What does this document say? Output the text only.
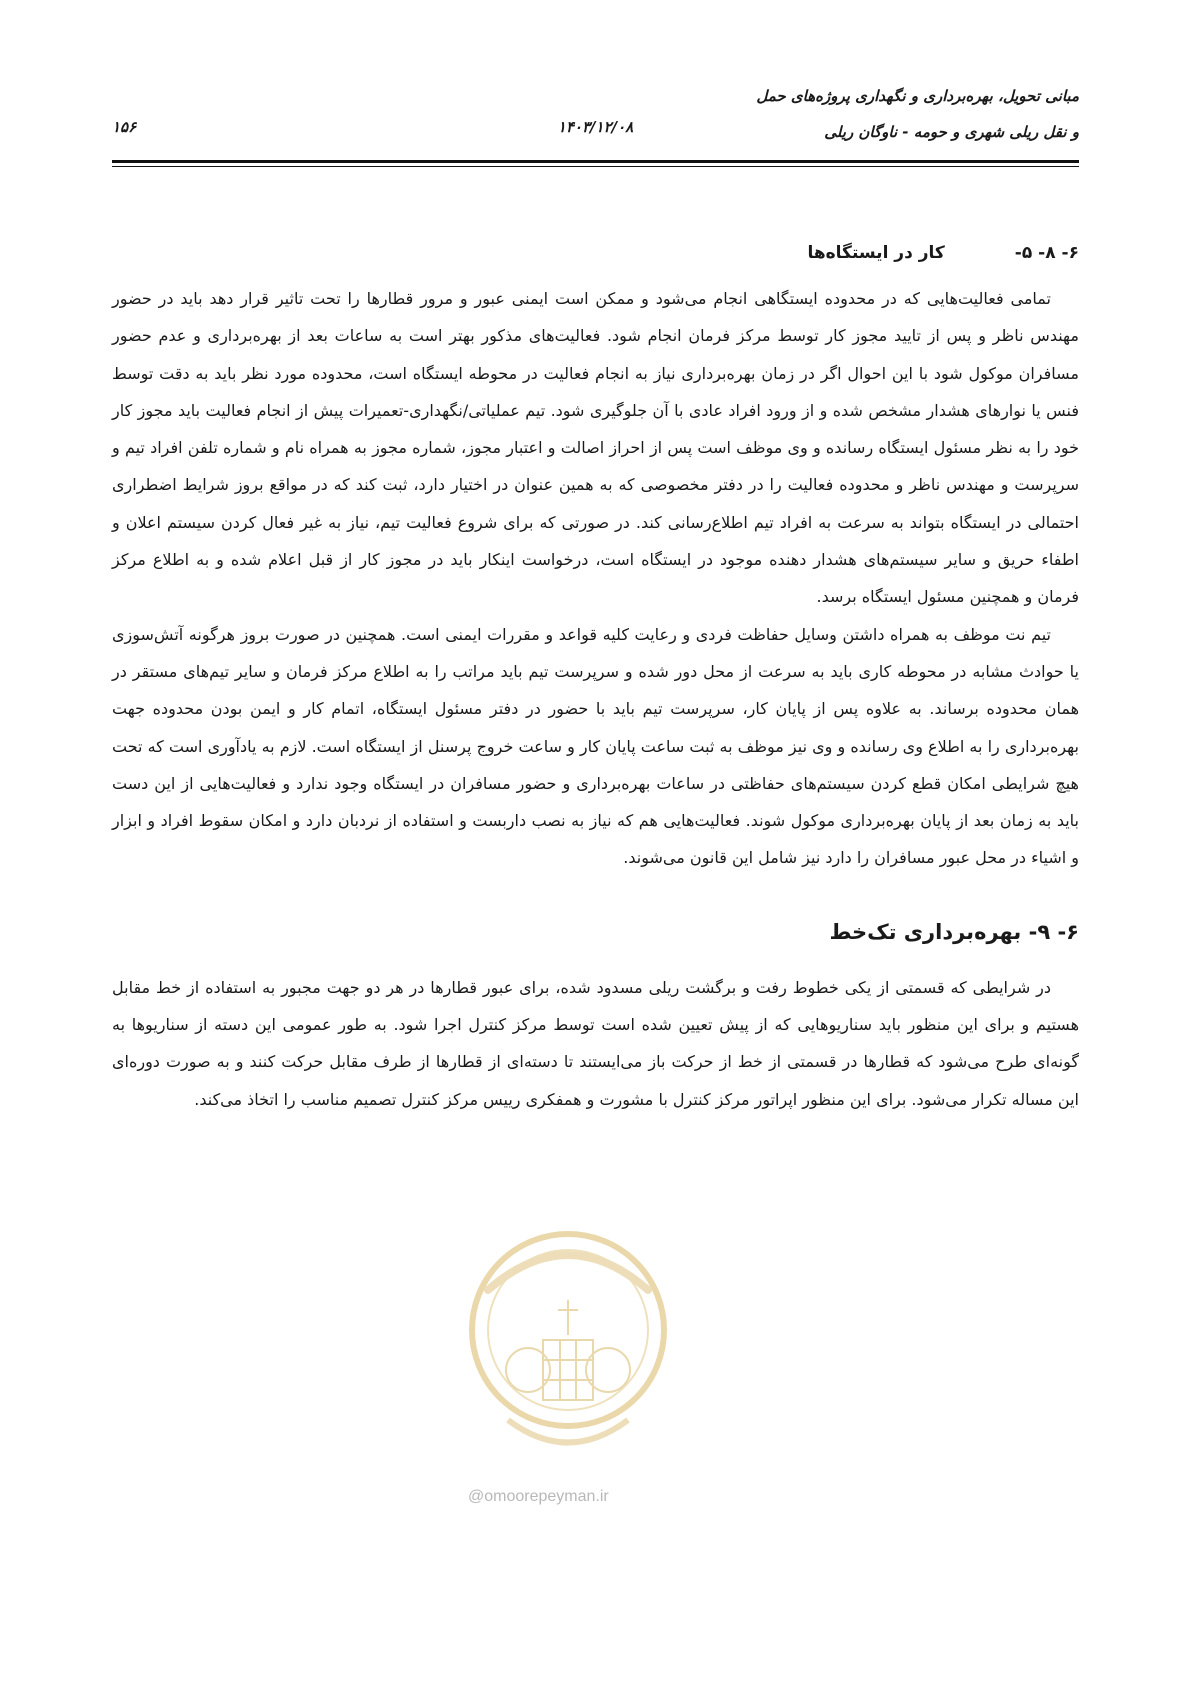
مبانی تحویل، بهره‌برداری و نگهداری پروژه‌های حمل
و نقل ریلی شهری و حومه - ناوگان ریلی
۱۴۰۳/۱۲/۰۸
۱۵۶
۶- ۸- ۵-
کار در ایستگاه‌ها

تمامی فعالیت‌هایی که در محدوده ایستگاهی انجام می‌شود و ممکن است ایمنی عبور و مرور قطارها را تحت تاثیر قرار دهد باید در حضور مهندس ناظر و پس از تایید مجوز کار توسط مرکز فرمان انجام شود. فعالیت‌های مذکور بهتر است به ساعات بعد از بهره‌برداری و عدم حضور مسافران موکول شود با این احوال اگر در زمان بهره‌برداری نیاز به انجام فعالیت در محوطه ایستگاه است، محدوده مورد نظر باید به دقت توسط فنس یا نوارهای هشدار مشخص شده و از ورود افراد عادی با آن جلوگیری شود. تیم عملیاتی/نگهداری-تعمیرات پیش از انجام فعالیت باید مجوز کار خود را به نظر مسئول ایستگاه رسانده و وی موظف است پس از احراز اصالت و اعتبار مجوز، شماره مجوز به همراه نام و شماره تلفن افراد تیم و سرپرست و مهندس ناظر و محدوده فعالیت را در دفتر مخصوصی که به همین عنوان در اختیار دارد، ثبت کند که در مواقع بروز شرایط اضطراری احتمالی در ایستگاه بتواند به سرعت به افراد تیم اطلاع‌رسانی کند. در صورتی که برای شروع فعالیت تیم، نیاز به غیر فعال کردن سیستم اعلان و اطفاء حریق و سایر سیستم‌های هشدار دهنده موجود در ایستگاه است، درخواست اینکار باید در مجوز کار از قبل اعلام شده و به اطلاع مرکز فرمان و همچنین مسئول ایستگاه برسد.

تیم نت موظف به همراه داشتن وسایل حفاظت فردی و رعایت کلیه قواعد و مقررات ایمنی است. همچنین در صورت بروز هرگونه آتش‌سوزی یا حوادث مشابه در محوطه کاری باید به سرعت از محل دور شده و سرپرست تیم باید مراتب را به اطلاع مرکز فرمان و سایر تیم‌های مستقر در همان محدوده برساند. به علاوه پس از پایان کار، سرپرست تیم باید با حضور در دفتر مسئول ایستگاه، اتمام کار و ایمن بودن محدوده جهت بهره‌برداری را به اطلاع وی رسانده و وی نیز موظف به ثبت ساعت پایان کار و ساعت خروج پرسنل از ایستگاه است. لازم به یادآوری است که تحت هیچ شرایطی امکان قطع کردن سیستم‌های حفاظتی در ساعات بهره‌برداری و حضور مسافران در ایستگاه وجود ندارد و فعالیت‌هایی از این دست باید به زمان بعد از پایان بهره‌برداری موکول شوند. فعالیت‌هایی هم که نیاز به نصب داربست و استفاده از نردبان دارد و امکان سقوط افراد و ابزار و اشیاء در محل عبور مسافران را دارد نیز شامل این قانون می‌شوند.

۶- ۹- بهره‌برداری تک‌خط

در شرایطی که قسمتی از یکی خطوط رفت و برگشت ریلی مسدود شده، برای عبور قطارها در هر دو جهت مجبور به استفاده از خط مقابل هستیم و برای این منظور باید سناریوهایی که از پیش تعیین شده است توسط مرکز کنترل اجرا شود. به طور عمومی این دسته از سناریوها به گونه‌ای طرح می‌شود که قطارها در قسمتی از خط از حرکت باز می‌ایستند تا دسته‌ای از قطارها از طرف مقابل حرکت کنند و به صورت دوره‌ای این مساله تکرار می‌شود. برای این منظور اپراتور مرکز کنترل با مشورت و همفکری رییس مرکز کنترل تصمیم مناسب را اتخاذ می‌کند.

@omoorepeyman.ir
